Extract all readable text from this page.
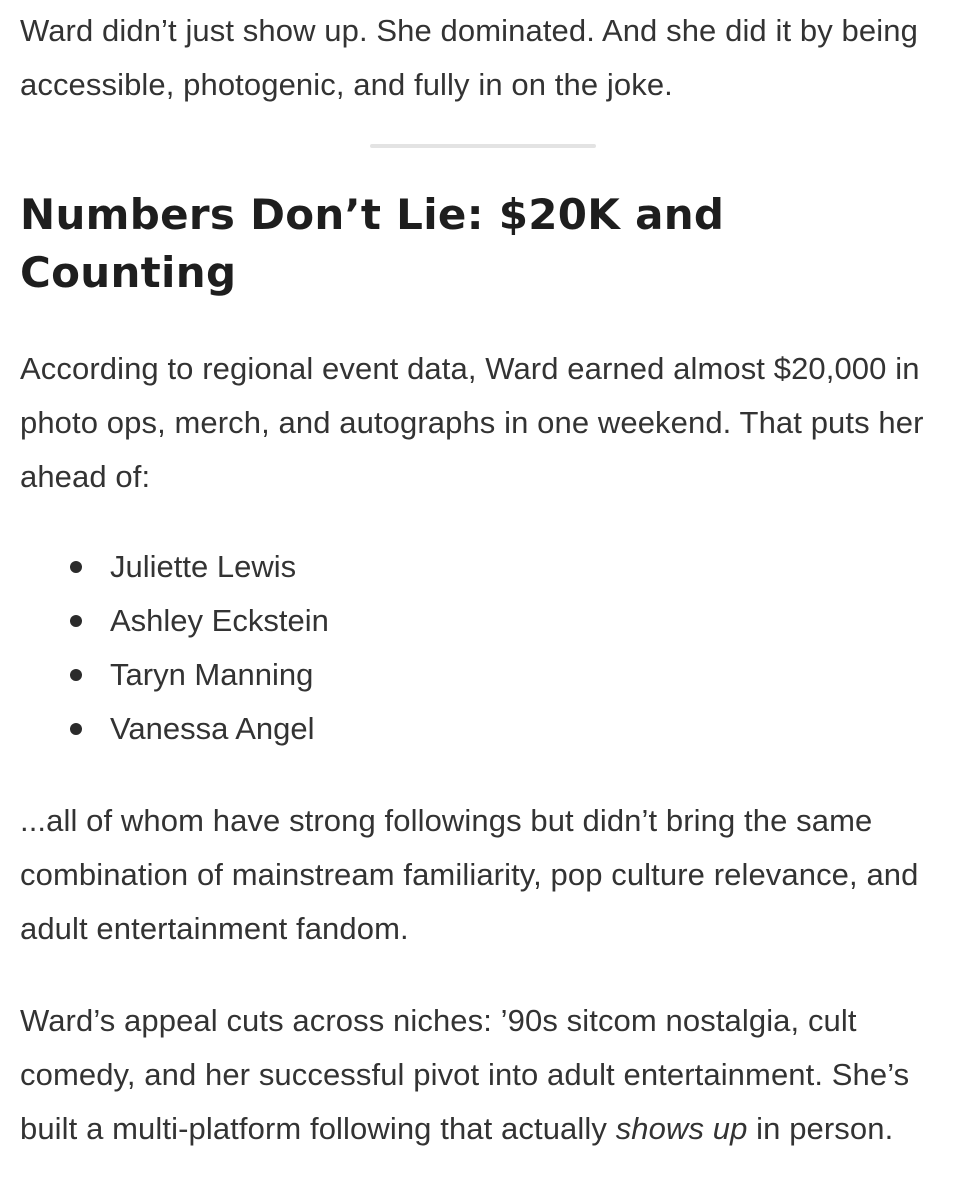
Ward didn’t just show up. She dominated. And she did it by being accessible, photogenic, and fully in on the joke.

Numbers Don’t Lie: $20K and
Counting

According to regional event data, Ward earned almost $20,000 in photo ops, merch, and autographs in one weekend. That puts her ahead of:

Juliette Lewis
Ashley Eckstein
Taryn Manning
Vanessa Angel

...all of whom have strong followings but didn’t bring the same combination of mainstream familiarity, pop culture relevance, and adult entertainment fandom.

Ward’s appeal cuts across niches: ’90s sitcom nostalgia, cult comedy, and her successful pivot into adult entertainment. She’s built a multi-platform following that actually shows up in person.
